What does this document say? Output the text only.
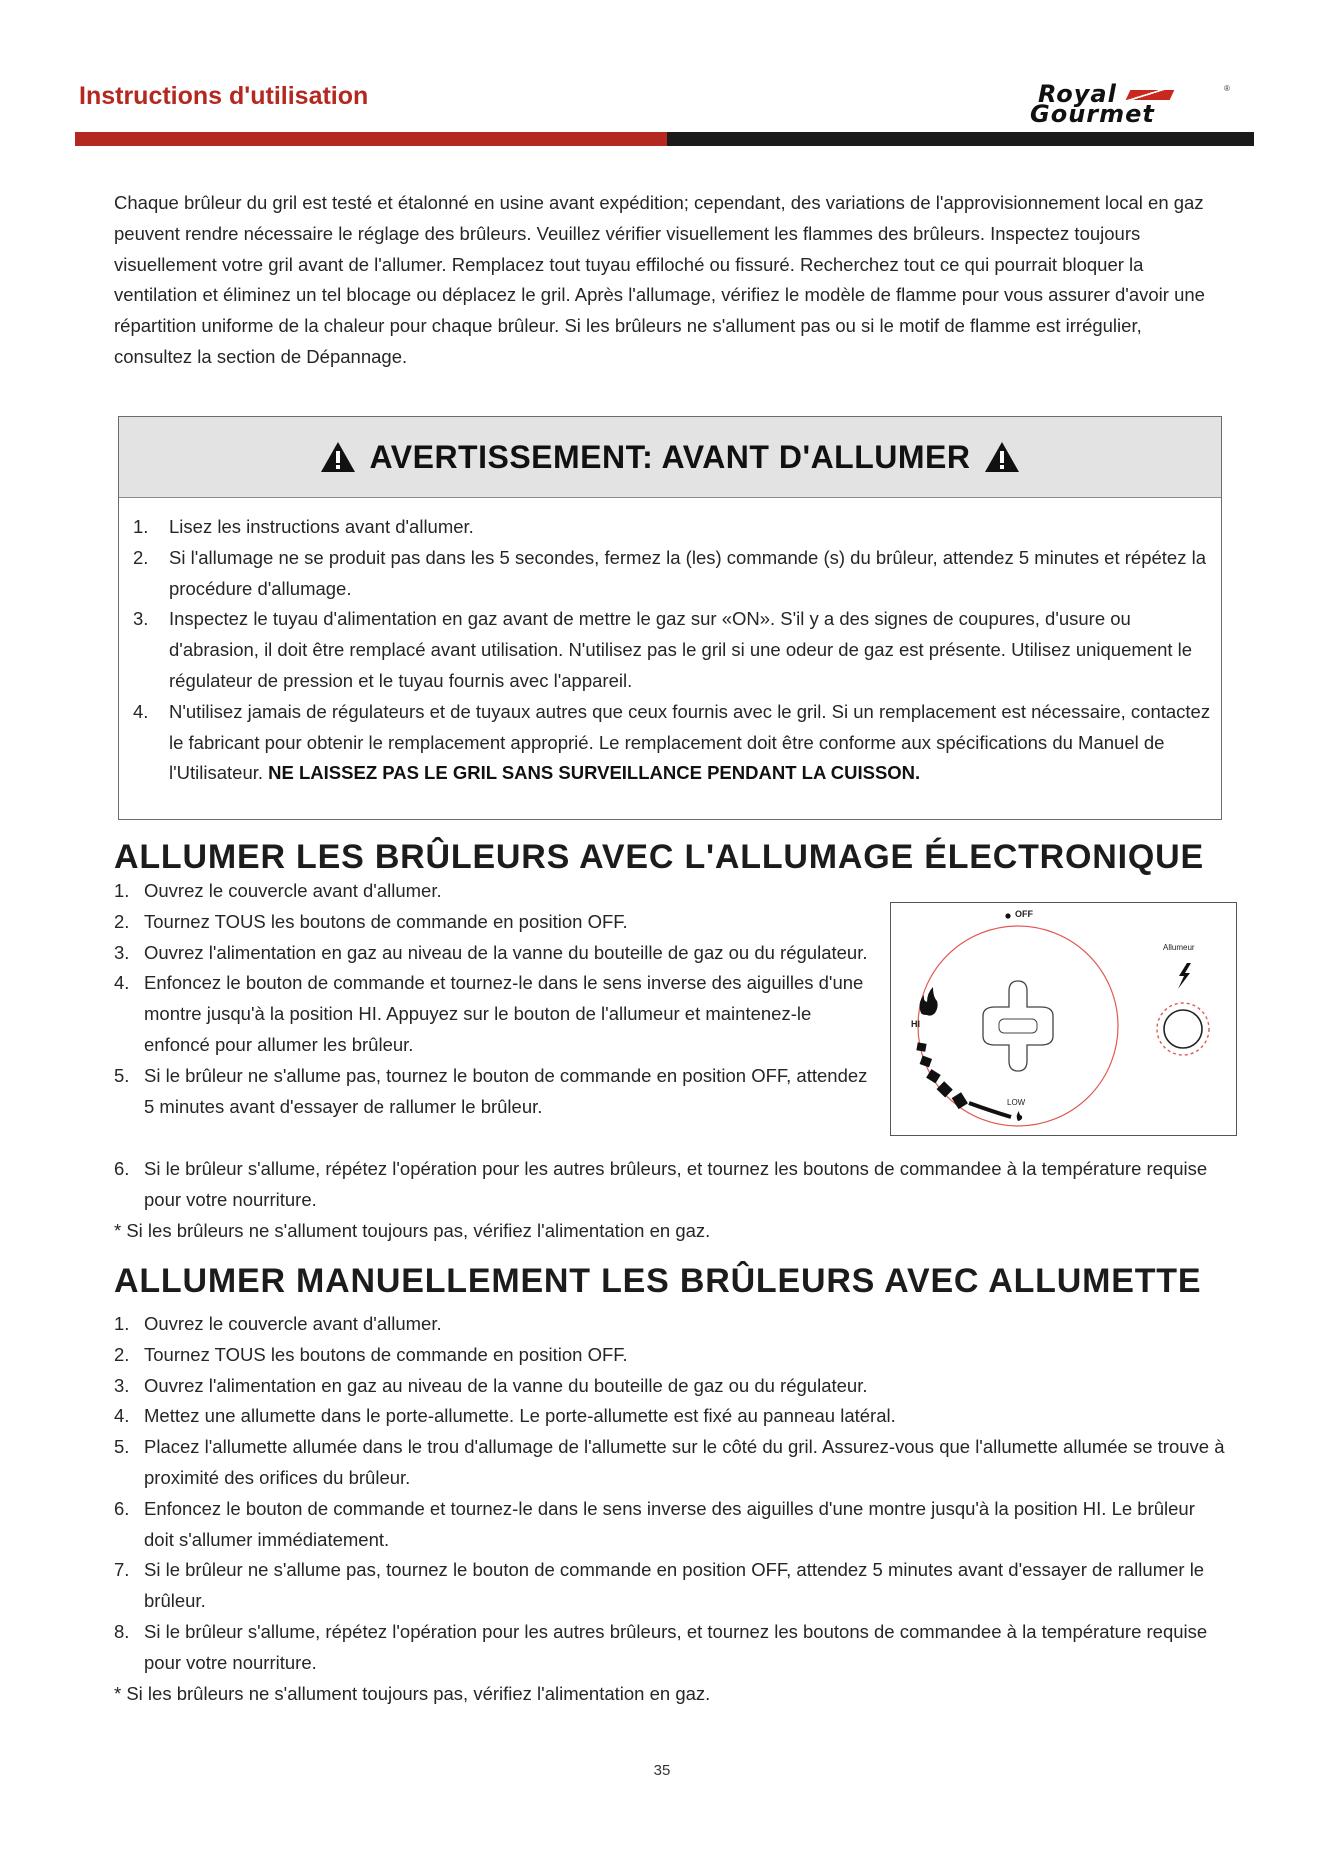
Instructions d'utilisation	Royal
Gourmet
®

Chaque brûleur du gril est testé et étalonné en usine avant expédition; cependant, des variations de l'approvisionnement local en gaz peuvent rendre nécessaire le réglage des brûleurs. Veuillez vérifier visuellement les flammes des brûleurs. Inspectez toujours visuellement votre gril avant de l'allumer. Remplacez tout tuyau effiloché ou fissuré. Recherchez tout ce qui pourrait bloquer la ventilation et éliminez un tel blocage ou déplacez le gril. Après l'allumage, vérifiez le modèle de flamme pour vous assurer d'avoir une répartition uniforme de la chaleur pour chaque brûleur. Si les brûleurs ne s'allument pas ou si le motif de flamme est irrégulier, consultez la section de Dépannage.

AVERTISSEMENT: AVANT D'ALLUMER
1. Lisez les instructions avant d'allumer.
2. Si l'allumage ne se produit pas dans les 5 secondes, fermez la (les) commande (s) du brûleur, attendez 5 minutes et répétez la procédure d'allumage.
3. Inspectez le tuyau d'alimentation en gaz avant de mettre le gaz sur «ON». S'il y a des signes de coupures, d'usure ou d'abrasion, il doit être remplacé avant utilisation. N'utilisez pas le gril si une odeur de gaz est présente. Utilisez uniquement le régulateur de pression et le tuyau fournis avec l'appareil.
4. N'utilisez jamais de régulateurs et de tuyaux autres que ceux fournis avec le gril. Si un remplacement est nécessaire, contactez le fabricant pour obtenir le remplacement approprié. Le remplacement doit être conforme aux spécifications du Manuel de l'Utilisateur. NE LAISSEZ PAS LE GRIL SANS SURVEILLANCE PENDANT LA CUISSON.
ALLUMER LES BRÛLEURS AVEC L'ALLUMAGE ÉLECTRONIQUE
1. Ouvrez le couvercle avant d'allumer.
2. Tournez TOUS les boutons de commande en position OFF.
3. Ouvrez l'alimentation en gaz au niveau de la vanne du bouteille de gaz ou du régulateur.
4. Enfoncez le bouton de commande et tournez-le dans le sens inverse des aiguilles d'une montre jusqu'à la position HI. Appuyez sur le bouton de l'allumeur et maintenez-le enfoncé pour allumer les brûleur.
5. Si le brûleur ne s'allume pas, tournez le bouton de commande en position OFF, attendez 5 minutes avant d'essayer de rallumer le brûleur.
6. Si le brûleur s'allume, répétez l'opération pour les autres brûleurs, et tournez les boutons de commandee à la température requise pour votre nourriture.
* Si les brûleurs ne s'allument toujours pas, vérifiez l'alimentation en gaz.
OFF
HI
LOW
Allumeur
ALLUMER MANUELLEMENT LES BRÛLEURS AVEC ALLUMETTE
1. Ouvrez le couvercle avant d'allumer.
2. Tournez TOUS les boutons de commande en position OFF.
3. Ouvrez l'alimentation en gaz au niveau de la vanne du bouteille de gaz ou du régulateur.
4. Mettez une allumette dans le porte-allumette. Le porte-allumette est fixé au panneau latéral.
5. Placez l'allumette allumée dans le trou d'allumage de l'allumette sur le côté du gril. Assurez-vous que l'allumette allumée se trouve à proximité des orifices du brûleur.
6. Enfoncez le bouton de commande et tournez-le dans le sens inverse des aiguilles d'une montre jusqu'à la position HI. Le brûleur doit s'allumer immédiatement.
7. Si le brûleur ne s'allume pas, tournez le bouton de commande en position OFF, attendez 5 minutes avant d'essayer de rallumer le brûleur.
8. Si le brûleur s'allume, répétez l'opération pour les autres brûleurs, et tournez les boutons de commandee à la température requise pour votre nourriture.
* Si les brûleurs ne s'allument toujours pas, vérifiez l'alimentation en gaz.
35
